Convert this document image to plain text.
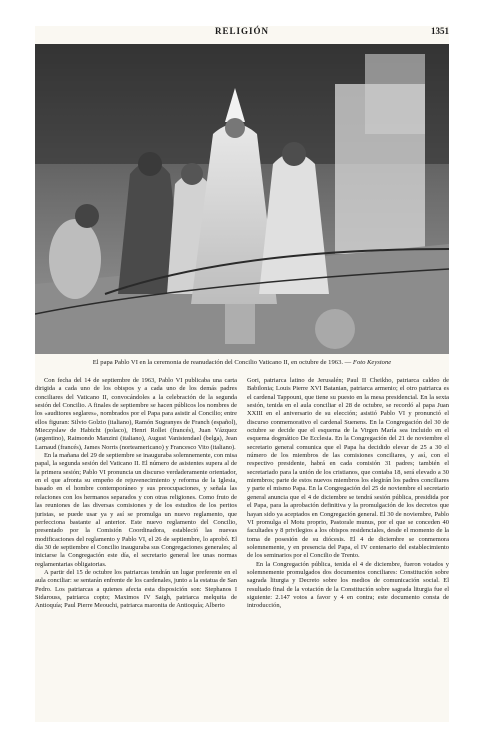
RELIGIÓN	1351
El papa Pablo VI en la ceremonia de reanudación del Concilio Vaticano II, en octubre de 1963. — Foto Keystone

Con fecha del 14 de septiembre de 1963, Pablo VI publicaba una carta dirigida a cada uno de los obispos y a cada uno de los demás padres conciliares del Vaticano II, convocándoles a la celebración de la segunda sesión del Concilio. A finales de septiembre se hacen públicos los nombres de los «auditores seglares», nombrados por el Papa para asistir al Concilio; entre ellos figuran: Silvio Golzio (italiano), Ramón Sugranyes de Franch (español), Mieczyslaw de Habicht (polaco), Henri Rollet (francés), Juan Vázquez (argentino), Raimondo Manzini (italiano), August Vanistendael (belga), Jean Larnaud (francés), James Norris (norteamericano) y Francesco Vito (italiano).

En la mañana del 29 de septiembre se inauguraba solemnemente, con misa papal, la segunda sesión del Vaticano II. El número de asistentes supera al de la primera sesión; Pablo VI pronuncia un discurso verdaderamente orientador, en el que afronta su empeño de rejuvenecimiento y reforma de la Iglesia, basado en el hombre contemporáneo y sus preocupaciones, y señala las relaciones con los hermanos separados y con otras religiones. Como fruto de las reuniones de las diversas comisiones y de los estudios de los peritos juristas, se puede usar ya y así se promulga un nuevo reglamento, que perfecciona bastante al anterior. Este nuevo reglamento del Concilio, presentado por la Comisión Coordinadora, estableció las nuevas modificaciones del reglamento y Pablo VI, el 26 de septiembre, lo aprobó. El día 30 de septiembre el Concilio inauguraba sus Congregaciones generales; al iniciarse la Congregación este día, el secretario general lee unas normas reglamentarias obligatorias.

A partir del 15 de octubre los patriarcas tendrán un lugar preferente en el aula conciliar: se sentarán enfrente de los cardenales, junto a la estatua de San Pedro. Los patriarcas a quienes afecta esta disposición son: Stephanos I Sidarouss, patriarca copto; Maximos IV Saigh, patriarca melquita de Antioquía; Paul Pierre Meouchi, patriarca maronita de Antioquía; Alberto

Gori, patriarca latino de Jerusalén; Paul II Cheikho, patriarca caldeo de Babilonia; Louis Pierre XVI Batanian, patriarca armenio; el otro patriarca es el cardenal Tappouni, que tiene su puesto en la mesa presidencial. En la sexta sesión, tenida en el aula conciliar el 28 de octubre, se recordó al papa Juan XXIII en el aniversario de su elección; asistió Pablo VI y pronunció el discurso conmemorativo el cardenal Suenens. En la Congregación del 30 de octubre se decide que el esquema de la Virgen María sea incluido en el esquema dogmático De Ecclesia. En la Congregación del 21 de noviembre el secretario general comunica que el Papa ha decidido elevar de 25 a 30 el número de los miembros de las comisiones conciliares, y así, con el respectivo presidente, habrá en cada comisión 31 padres; también el secretariado para la unión de los cristianos, que contaba 18, será elevado a 30 miembros; parte de estos nuevos miembros los elegirán los padres conciliares y parte el mismo Papa. En la Congregación del 25 de noviembre el secretario general anuncia que el 4 de diciembre se tendrá sesión pública, presidida por el Papa, para la aprobación definitiva y la promulgación de los decretos que hayan sido ya aceptados en Congregación general. El 30 de noviembre, Pablo VI promulga el Motu proprio, Pastorale munus, por el que se conceden 40 facultades y 8 privilegios a los obispos residenciales, desde el momento de la toma de posesión de su diócesis. El 4 de diciembre se conmemora solemnemente, y en presencia del Papa, el IV centenario del establecimiento de los seminarios por el Concilio de Trento.

En la Congregación pública, tenida el 4 de diciembre, fueron votados y solemnemente promulgados dos documentos conciliares: Constitución sobre sagrada liturgia y Decreto sobre los medios de comunicación social. El resultado final de la votación de la Constitución sobre sagrada liturgia fue el siguiente: 2.147 votos a favor y 4 en contra; este documento consta de introducción,
